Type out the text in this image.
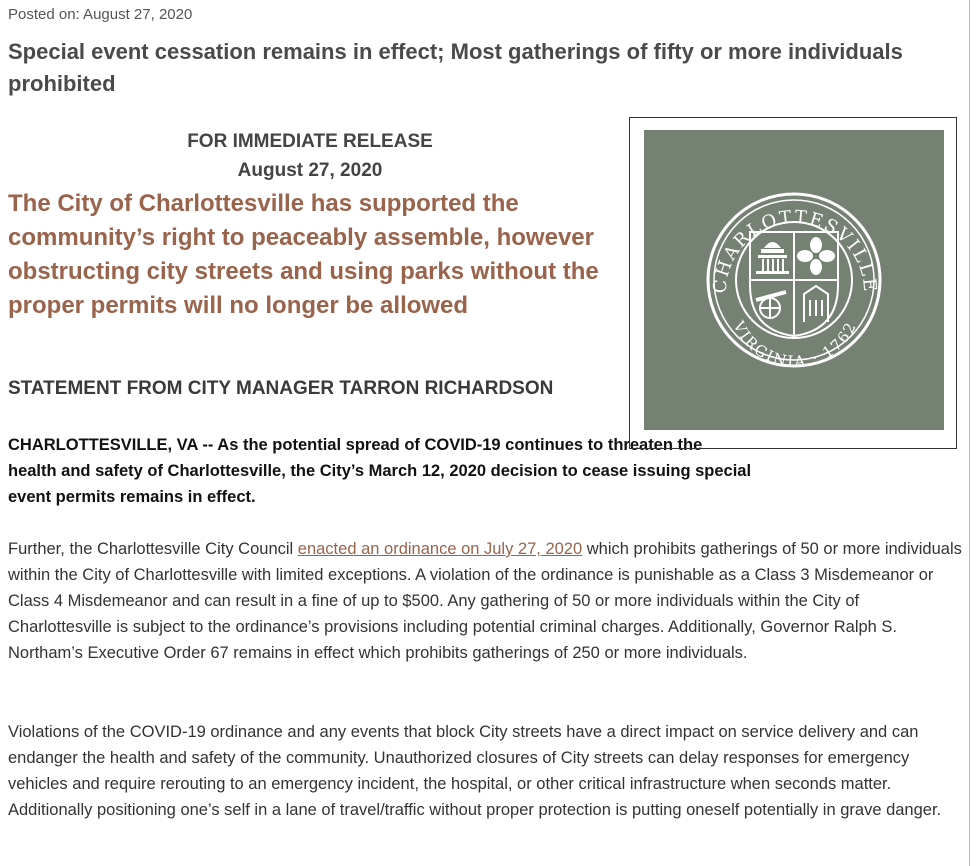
Posted on: August 27, 2020
Special event cessation remains in effect; Most gatherings of fifty or more individuals prohibited
FOR IMMEDIATE RELEASE
August 27, 2020
The City of Charlottesville has supported the community’s right to peaceably assemble, however obstructing city streets and using parks without the proper permits will no longer be allowed
STATEMENT FROM CITY MANAGER TARRON RICHARDSON
CHARLOTTESVILLE, VA -- As the potential spread of COVID-19 continues to threaten the health and safety of Charlottesville, the City’s March 12, 2020 decision to cease issuing special event permits remains in effect.
Further, the Charlottesville City Council enacted an ordinance on July 27, 2020 which prohibits gatherings of 50 or more individuals within the City of Charlottesville with limited exceptions. A violation of the ordinance is punishable as a Class 3 Misdemeanor or Class 4 Misdemeanor and can result in a fine of up to $500. Any gathering of 50 or more individuals within the City of Charlottesville is subject to the ordinance’s provisions including potential criminal charges. Additionally, Governor Ralph S. Northam’s Executive Order 67 remains in effect which prohibits gatherings of 250 or more individuals.
Violations of the COVID-19 ordinance and any events that block City streets have a direct impact on service delivery and can endanger the health and safety of the community. Unauthorized closures of City streets can delay responses for emergency vehicles and require rerouting to an emergency incident, the hospital, or other critical infrastructure when seconds matter. Additionally positioning one’s self in a lane of travel/traffic without proper protection is putting oneself potentially in grave danger.
CHARLOTTESVILLE
VIRGINIA · 1762
